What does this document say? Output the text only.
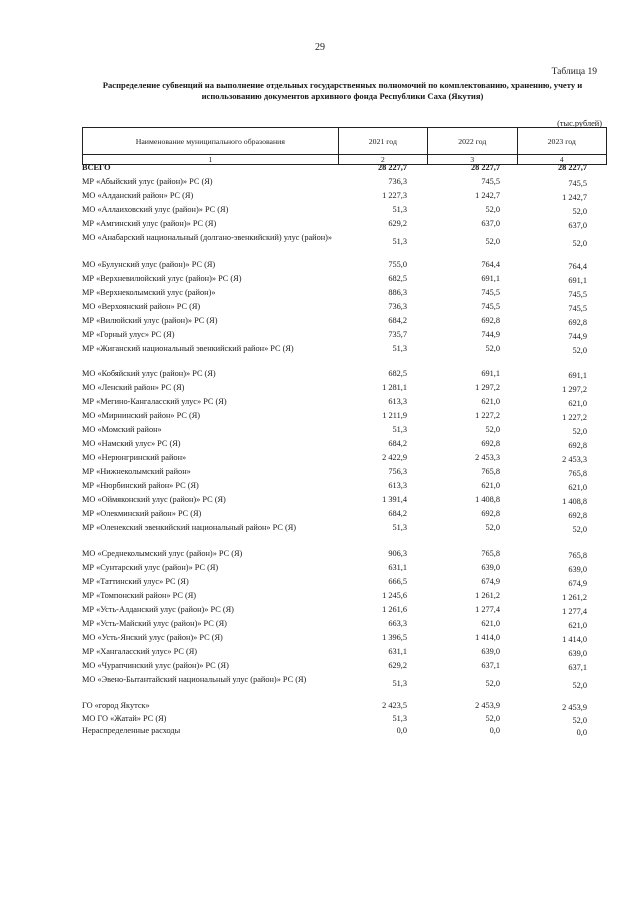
29
Таблица 19
Распределение субвенций на выполнение отдельных государственных полномочий по комплектованию, хранению, учету и использованию документов архивного фонда Республики Саха (Якутия)
(тыс.рублей)
Наименование муниципального образования	2021 год	2022 год	2023 год
1	2	3	4
ВСЕГО	28 227,7	28 227,7	28 227,7
МР «Абыйский улус (район)» РС (Я)	736,3	745,5	745,5
МО «Алданский район» РС (Я)	1 227,3	1 242,7	1 242,7
МО «Аллаиховский улус (район)» РС (Я)	51,3	52,0	52,0
МР «Амгинский улус (район)» РС (Я)	629,2	637,0	637,0
МО «Анабарский национальный (долгано-эвенкийский) улус (район)»	51,3	52,0	52,0
МО «Булунский улус (район)» РС (Я)	755,0	764,4	764,4
МР «Верхневилюйский улус (район)» РС (Я)	682,5	691,1	691,1
МР «Верхнеколымский улус (район)»	886,3	745,5	745,5
МО «Верхоянский район» РС (Я)	736,3	745,5	745,5
МР «Вилюйский улус (район)» РС (Я)	684,2	692,8	692,8
МР «Горный улус» РС (Я)	735,7	744,9	744,9
МР «Жиганский национальный эвенкийский район» РС (Я)	51,3	52,0	52,0
МО «Кобяйский улус (район)» РС (Я)	682,5	691,1	691,1
МО «Ленский район» РС (Я)	1 281,1	1 297,2	1 297,2
МР «Мегино-Кангаласский улус» РС (Я)	613,3	621,0	621,0
МО «Мирнинский район» РС (Я)	1 211,9	1 227,2	1 227,2
МО «Момский район»	51,3	52,0	52,0
МО «Намский улус» РС (Я)	684,2	692,8	692,8
МО «Нерюнгринский район»	2 422,9	2 453,3	2 453,3
МР «Нижнеколымский район»	756,3	765,8	765,8
МР «Нюрбинский район» РС (Я)	613,3	621,0	621,0
МО «Оймяконский улус (район)» РС (Я)	1 391,4	1 408,8	1 408,8
МР «Олекминский район» РС (Я)	684,2	692,8	692,8
МР «Оленекский эвенкийский национальный район» РС (Я)	51,3	52,0	52,0
МО «Среднеколымский улус (район)» РС (Я)	906,3	765,8	765,8
МР «Сунтарский улус (район)» РС (Я)	631,1	639,0	639,0
МР «Таттинский улус» РС (Я)	666,5	674,9	674,9
МР «Томпонский район» РС (Я)	1 245,6	1 261,2	1 261,2
МР «Усть-Алданский улус (район)» РС (Я)	1 261,6	1 277,4	1 277,4
МР «Усть-Майский улус (район)» РС (Я)	663,3	621,0	621,0
МО «Усть-Янский улус (район)» РС (Я)	1 396,5	1 414,0	1 414,0
МР «Хангаласский улус» РС (Я)	631,1	639,0	639,0
МО «Чурапчинский улус (район)» РС (Я)	629,2	637,1	637,1
МО «Эвено-Бытантайский национальный улус (район)» РС (Я)	51,3	52,0	52,0
ГО «город Якутск»	2 423,5	2 453,9	2 453,9
МО ГО «Жатай» РС (Я)	51,3	52,0	52,0
Нераспределенные расходы	0,0	0,0	0,0
